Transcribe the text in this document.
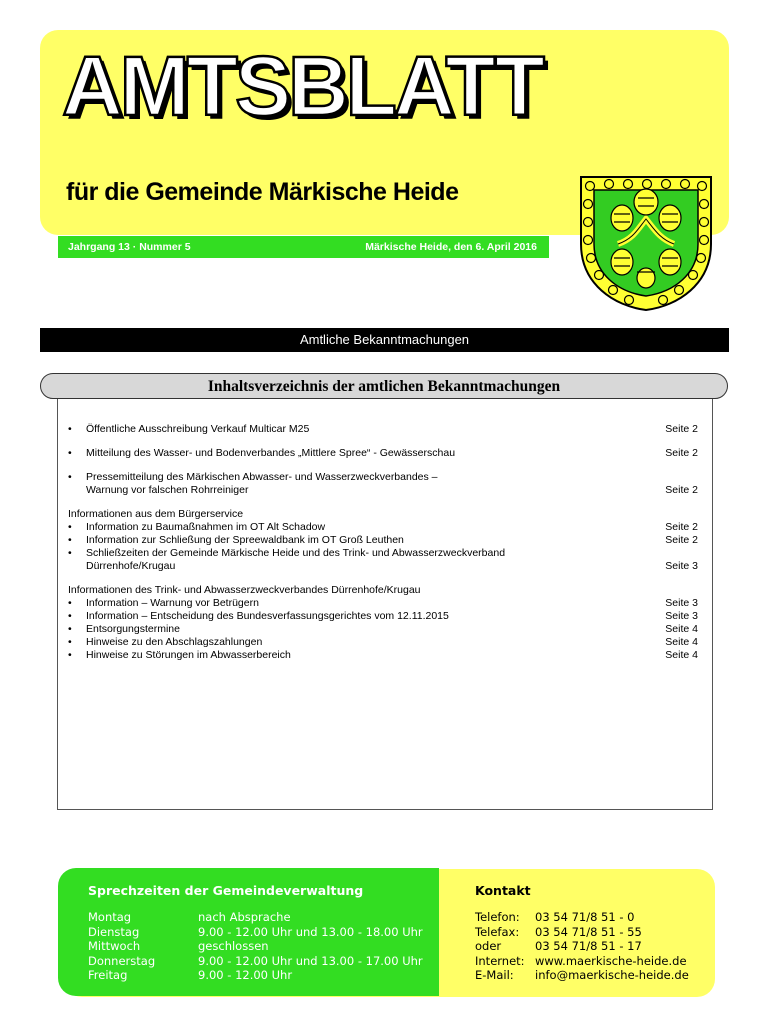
AMTSBLATT
für die Gemeinde Märkische Heide
Jahrgang 13 · Nummer 5	Märkische Heide, den 6. April 2016
Amtliche Bekanntmachungen
Inhaltsverzeichnis der amtlichen Bekanntmachungen
•	Öffentliche Ausschreibung Verkauf Multicar M25	Seite 2
•	Mitteilung des Wasser- und Bodenverbandes „Mittlere Spree“ - Gewässerschau	Seite 2
•	Pressemitteilung des Märkischen Abwasser- und Wasserzweckverbandes –
Warnung vor falschen Rohrreiniger	Seite 2
Informationen aus dem Bürgerservice
•	Information zu Baumaßnahmen im OT Alt Schadow	Seite 2
•	Information zur Schließung der Spreewaldbank im OT Groß Leuthen	Seite 2
•	Schließzeiten der Gemeinde Märkische Heide und des Trink- und Abwasserzweckverband
Dürrenhofe/Krugau	Seite 3
Informationen des Trink- und Abwasserzweckverbandes Dürrenhofe/Krugau
•	Information – Warnung vor Betrügern	Seite 3
•	Information – Entscheidung des Bundesverfassungsgerichtes vom 12.11.2015	Seite 3
•	Entsorgungstermine	Seite 4
•	Hinweise zu den Abschlagszahlungen	Seite 4
•	Hinweise zu Störungen im Abwasserbereich	Seite 4
Sprechzeiten der Gemeindeverwaltung
Montag	nach Absprache
Dienstag	9.00 - 12.00 Uhr und 13.00 - 18.00 Uhr
Mittwoch	geschlossen
Donnerstag	9.00 - 12.00 Uhr und 13.00 - 17.00 Uhr
Freitag	9.00 - 12.00 Uhr
Kontakt
Telefon:	03 54 71/8 51 - 0
Telefax:	03 54 71/8 51 - 55
oder	03 54 71/8 51 - 17
Internet:	www.maerkische-heide.de
E-Mail:	info@maerkische-heide.de
